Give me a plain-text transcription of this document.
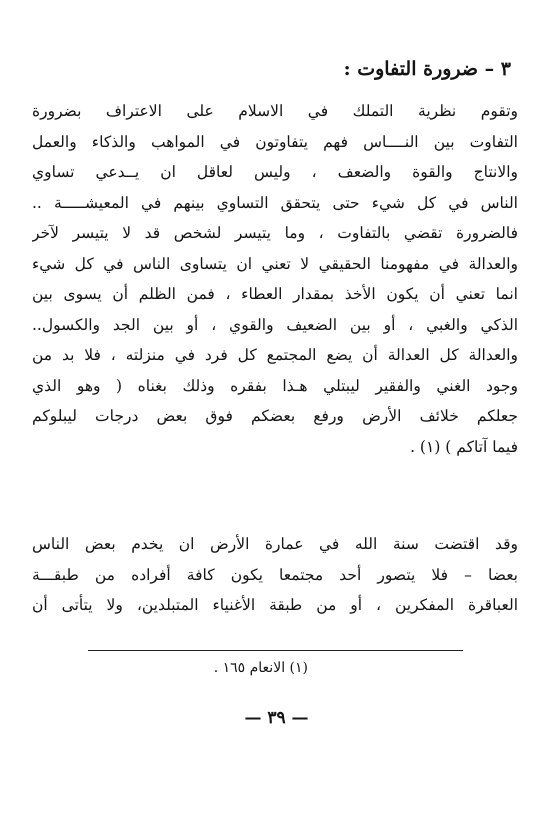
٣ – ضرورة التفاوت :
وتقوم نظرية التملك في الاسلام على الاعتراف بضرورة
التفاوت بين النــــاس فهم يتفاوتون في المواهب والذكاء والعمل
والانتاج والقوة والضعف ، وليس لعاقل ان يــدعي تساوي
الناس في كل شيء حتى يتحقق التساوي بينهم في المعيشـــــة ..
فالضرورة تقضي بالتفاوت ، وما يتيسر لشخص قد لا يتيسر لآخر
والعدالة في مفهومنا الحقيقي لا تعني ان يتساوى الناس في كل شيء
انما تعني أن يكون الأخذ بمقدار العطاء ، فمن الظلم أن يسوى بين
الذكي والغبي ، أو بين الضعيف والقوي ، أو بين الجد والكسول..
والعدالة كل العدالة أن يضع المجتمع كل فرد في منزلته ، فلا بد من
وجود الغني والفقير ليبتلي هـذا بفقره وذلك بغناه ( وهو الذي
جعلكم خلائف الأرض ورفع بعضكم فوق بعض درجات ليبلوكم
فيما آتاكم ) (١) .
وقد اقتضت سنة الله في عمارة الأرض ان يخدم بعض الناس
بعضا – فلا يتصور أحد مجتمعا يكون كافة أفراده من طبقـــة
العباقرة المفكرين ، أو من طبقة الأغنياء المتبلدين، ولا يتأتى أن
(١) الانعام ١٦٥ .
— ٣٩ —
